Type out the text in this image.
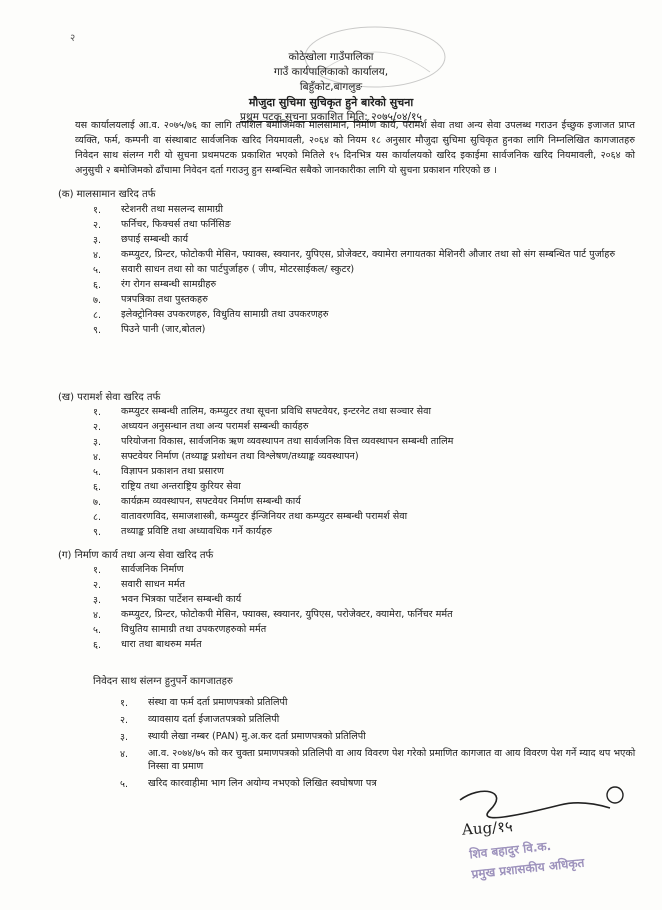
२
कोठेखोला गाउँपालिका
गाउँ कार्यपालिकाको कार्यालय,
बिहुँकोट,बागलुङ
मौजुदा सुचिमा सुचिकृत हुने बारेको सुचना
प्रथम पटक सुचना प्रकाशित मिति: २०७५/०४/१५
यस कार्यालयलाई आ.व. २०७५/७६ का लागि तपशिल बमोजिमका मालसामान, निर्माण कार्य, परामर्श सेवा तथा अन्य सेवा उपलब्ध गराउन ईच्छुक इजाजत प्राप्त व्यक्ति, फर्म, कम्पनी वा संस्थाबाट सार्वजनिक खरिद नियमावली, २०६४ को नियम १८ अनुसार मौजुदा सुचिमा सुचिकृत हुनका लागि निम्नलिखित कागजातहरु निवेदन साथ संलग्न गरी यो सुचना प्रथमपटक प्रकाशित भएको मितिले १५ दिनभित्र यस कार्यालयको खरिद इकाईमा सार्वजनिक खरिद नियमावली, २०६४ को अनुसुची २ बमोजिमको ढाँचामा निवेदन दर्ता गराउनु हुन सम्बन्धित सबैको जानकारीका लागि यो सुचना प्रकाशन गरिएको छ ।
(क) मालसामान खरिद तर्फ
१.	स्टेशनरी तथा मसलन्द सामाग्री
२.	फर्निचर, फिक्चर्स तथा फर्निसिङ
३.	छपाई सम्बन्धी कार्य
४.	कम्प्युटर, प्रिन्टर, फोटोकपी मेसिन, फ्याक्स, स्क्यानर, युपिएस, प्रोजेक्टर, क्यामेरा लगायतका मेशिनरी औजार तथा सो संग सम्बन्धित पार्ट पुर्जाहरु
५.	सवारी साधन तथा सो का पार्टपुर्जाहरु ( जीप, मोटरसाईकल/ स्कुटर)
६.	रंग रोगन सम्बन्धी सामग्रीहरु
७.	पत्रपत्रिका तथा पुस्तकहरु
८.	इलेक्ट्रोनिक्स उपकरणहरु, विधुतिय सामाग्री तथा उपकरणहरु
९.	पिउने पानी (जार,बोतल)
(ख) परामर्श सेवा खरिद तर्फ
१.	कम्प्युटर सम्बन्धी तालिम, कम्प्युटर तथा सूचना प्रविधि सफ्टवेयर, इन्टरनेट तथा सञ्चार सेवा
२.	अध्ययन अनुसन्धान तथा अन्य परामर्श सम्बन्धी कार्यहरु
३.	परियोजना विकास, सार्वजनिक ऋण व्यवस्थापन तथा सार्वजनिक वित्त व्यवस्थापन सम्बन्धी तालिम
४.	सफ्टवेयर निर्माण (तथ्याङ्क प्रशोधन तथा विश्लेषण/तथ्याङ्क व्यवस्थापन)
५.	विज्ञापन प्रकाशन तथा प्रसारण
६.	राष्ट्रिय तथा अन्तराष्ट्रिय कुरियर सेवा
७.	कार्यक्रम व्यवस्थापन, सफ्टवेयर निर्माण सम्बन्धी कार्य
८.	वातावरणविद, समाजशास्त्री, कम्प्युटर ईन्जिनियर तथा कम्प्युटर सम्बन्धी परामर्श सेवा
९.	तथ्याङ्क प्रविष्टि तथा अध्यावधिक गर्ने कार्यहरु
(ग) निर्माण कार्य तथा अन्य सेवा खरिद तर्फ
१.	सार्वजनिक निर्माण
२.	सवारी साधन मर्मत
३.	भवन भित्रका पार्टेशन सम्बन्धी कार्य
४.	कम्प्युटर, प्रिन्टर, फोटोकपी मेसिन, फ्याक्स, स्क्यानर, युपिएस, परोजेक्टर, क्यामेरा, फर्निचर मर्मत
५.	विधुतिय सामाग्री तथा उपकरणहरुको मर्मत
६.	धारा तथा बाथरुम मर्मत
निवेदन साथ संलग्न हुनुपर्ने कागजातहरु
१.	संस्था वा फर्म दर्ता प्रमाणपत्रको प्रतिलिपी
२.	व्यावसाय दर्ता ईजाजतपत्रको प्रतिलिपी
३.	स्थायी लेखा नम्बर (PAN) मु.अ.कर दर्ता प्रमाणपत्रको प्रतिलिपी
४.	आ.व. २०७४/७५ को कर चुक्ता प्रमाणपत्रको प्रतिलिपी वा आय विवरण पेश गरेको प्रमाणित कागजात वा आय विवरण पेश गर्ने म्याद थप भएको निस्सा वा प्रमाण
५.	खरिद कारवाहीमा भाग लिन अयोग्य नभएको लिखित स्वघोषणा पत्र
Aug/१५
शिव बहादुर वि.क.
प्रमुख प्रशासकीय अधिकृत
